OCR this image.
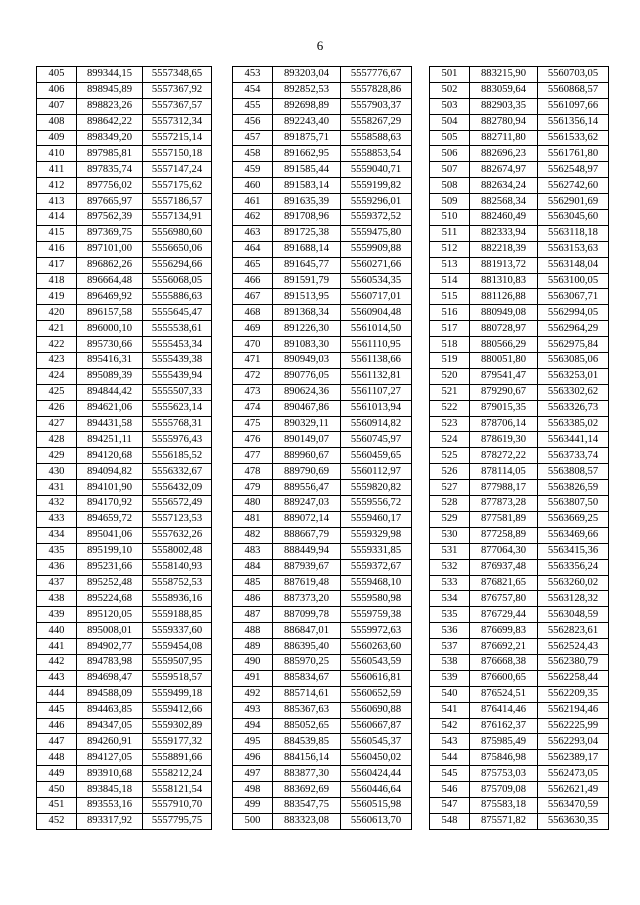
6
405	899344,15	5557348,65
406	898945,89	5557367,92
407	898823,26	5557367,57
408	898642,22	5557312,34
409	898349,20	5557215,14
410	897985,81	5557150,18
411	897835,74	5557147,24
412	897756,02	5557175,62
413	897665,97	5557186,57
414	897562,39	5557134,91
415	897369,75	5556980,60
416	897101,00	5556650,06
417	896862,26	5556294,66
418	896664,48	5556068,05
419	896469,92	5555886,63
420	896157,58	5555645,47
421	896000,10	5555538,61
422	895730,66	5555453,34
423	895416,31	5555439,38
424	895089,39	5555439,94
425	894844,42	5555507,33
426	894621,06	5555623,14
427	894431,58	5555768,31
428	894251,11	5555976,43
429	894120,68	5556185,52
430	894094,82	5556332,67
431	894101,90	5556432,09
432	894170,92	5556572,49
433	894659,72	5557123,53
434	895041,06	5557632,26
435	895199,10	5558002,48
436	895231,66	5558140,93
437	895252,48	5558752,53
438	895224,68	5558936,16
439	895120,05	5559188,85
440	895008,01	5559337,60
441	894902,77	5559454,08
442	894783,98	5559507,95
443	894698,47	5559518,57
444	894588,09	5559499,18
445	894463,85	5559412,66
446	894347,05	5559302,89
447	894260,91	5559177,32
448	894127,05	5558891,66
449	893910,68	5558212,24
450	893845,18	5558121,54
451	893553,16	5557910,70
452	893317,92	5557795,75
453	893203,04	5557776,67
454	892852,53	5557828,86
455	892698,89	5557903,37
456	892243,40	5558267,29
457	891875,71	5558588,63
458	891662,95	5558853,54
459	891585,44	5559040,71
460	891583,14	5559199,82
461	891635,39	5559296,01
462	891708,96	5559372,52
463	891725,38	5559475,80
464	891688,14	5559909,88
465	891645,77	5560271,66
466	891591,79	5560534,35
467	891513,95	5560717,01
468	891368,34	5560904,48
469	891226,30	5561014,50
470	891083,30	5561110,95
471	890949,03	5561138,66
472	890776,05	5561132,81
473	890624,36	5561107,27
474	890467,86	5561013,94
475	890329,11	5560914,82
476	890149,07	5560745,97
477	889960,67	5560459,65
478	889790,69	5560112,97
479	889556,47	5559820,82
480	889247,03	5559556,72
481	889072,14	5559460,17
482	888667,79	5559329,98
483	888449,94	5559331,85
484	887939,67	5559372,67
485	887619,48	5559468,10
486	887373,20	5559580,98
487	887099,78	5559759,38
488	886847,01	5559972,63
489	886395,40	5560263,60
490	885970,25	5560543,59
491	885834,67	5560616,81
492	885714,61	5560652,59
493	885367,63	5560690,88
494	885052,65	5560667,87
495	884539,85	5560545,37
496	884156,14	5560450,02
497	883877,30	5560424,44
498	883692,69	5560446,64
499	883547,75	5560515,98
500	883323,08	5560613,70
501	883215,90	5560703,05
502	883059,64	5560868,57
503	882903,35	5561097,66
504	882780,94	5561356,14
505	882711,80	5561533,62
506	882696,23	5561761,80
507	882674,97	5562548,97
508	882634,24	5562742,60
509	882568,34	5562901,69
510	882460,49	5563045,60
511	882333,94	5563118,18
512	882218,39	5563153,63
513	881913,72	5563148,04
514	881310,83	5563100,05
515	881126,88	5563067,71
516	880949,08	5562994,05
517	880728,97	5562964,29
518	880566,29	5562975,84
519	880051,80	5563085,06
520	879541,47	5563253,01
521	879290,67	5563302,62
522	879015,35	5563326,73
523	878706,14	5563385,02
524	878619,30	5563441,14
525	878272,22	5563733,74
526	878114,05	5563808,57
527	877988,17	5563826,59
528	877873,28	5563807,50
529	877581,89	5563669,25
530	877258,89	5563469,66
531	877064,30	5563415,36
532	876937,48	5563356,24
533	876821,65	5563260,02
534	876757,80	5563128,32
535	876729,44	5563048,59
536	876699,83	5562823,61
537	876692,21	5562524,43
538	876668,38	5562380,79
539	876600,65	5562258,44
540	876524,51	5562209,35
541	876414,46	5562194,46
542	876162,37	5562225,99
543	875985,49	5562293,04
544	875846,98	5562389,17
545	875753,03	5562473,05
546	875709,08	5562621,49
547	875583,18	5563470,59
548	875571,82	5563630,35
